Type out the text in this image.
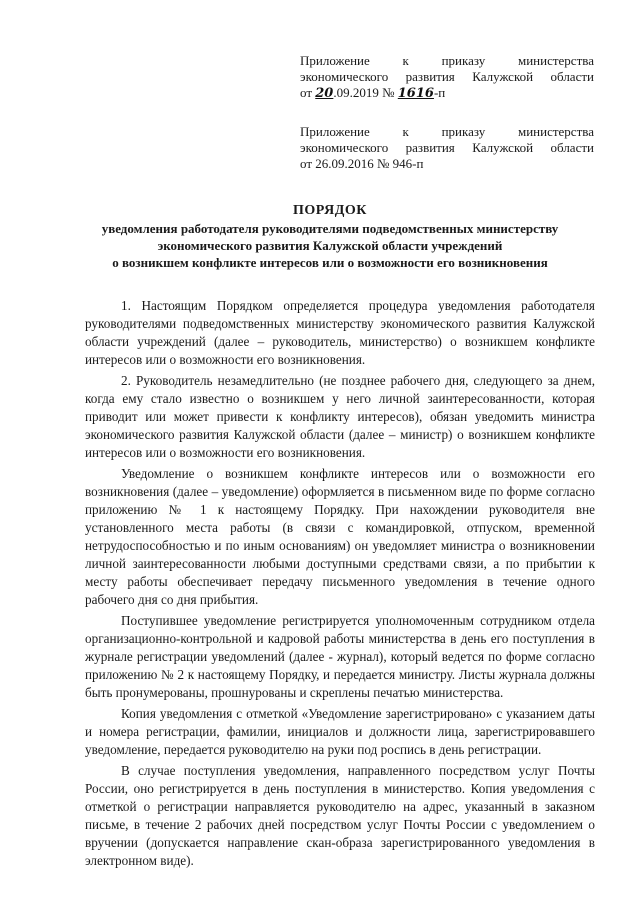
Приложение к приказу министерства
экономического развития Калужской области
от 20.09.2019 № 1616-п
Приложение к приказу министерства
экономического развития Калужской области
от 26.09.2016 № 946-п
ПОРЯДОК
уведомления работодателя руководителями подведомственных министерству
экономического развития Калужской области учреждений
о возникшем конфликте интересов или о возможности его возникновения

1. Настоящим Порядком определяется процедура уведомления работодателя руководителями подведомственных министерству экономического развития Калужской области учреждений (далее – руководитель, министерство) о возникшем конфликте интересов или о возможности его возникновения.

2. Руководитель незамедлительно (не позднее рабочего дня, следующего за днем, когда ему стало известно о возникшем у него личной заинтересованности, которая приводит или может привести к конфликту интересов), обязан уведомить министра экономического развития Калужской области (далее – министр) о возникшем конфликте интересов или о возможности его возникновения.

Уведомление о возникшем конфликте интересов или о возможности его возникновения (далее – уведомление) оформляется в письменном виде по форме согласно приложению № 1 к настоящему Порядку. При нахождении руководителя вне установленного места работы (в связи с командировкой, отпуском, временной нетрудоспособностью и по иным основаниям) он уведомляет министра о возникновении личной заинтересованности любыми доступными средствами связи, а по прибытии к месту работы обеспечивает передачу письменного уведомления в течение одного рабочего дня со дня прибытия.

Поступившее уведомление регистрируется уполномоченным сотрудником отдела организационно-контрольной и кадровой работы министерства в день его поступления в журнале регистрации уведомлений (далее - журнал), который ведется по форме согласно приложению № 2 к настоящему Порядку, и передается министру. Листы журнала должны быть пронумерованы, прошнурованы и скреплены печатью министерства.

Копия уведомления с отметкой «Уведомление зарегистрировано» с указанием даты и номера регистрации, фамилии, инициалов и должности лица, зарегистрировавшего уведомление, передается руководителю на руки под роспись в день регистрации.

В случае поступления уведомления, направленного посредством услуг Почты России, оно регистрируется в день поступления в министерство. Копия уведомления с отметкой о регистрации направляется руководителю на адрес, указанный в заказном письме, в течение 2 рабочих дней посредством услуг Почты России с уведомлением о вручении (допускается направление скан-образа зарегистрированного уведомления в электронном виде).
